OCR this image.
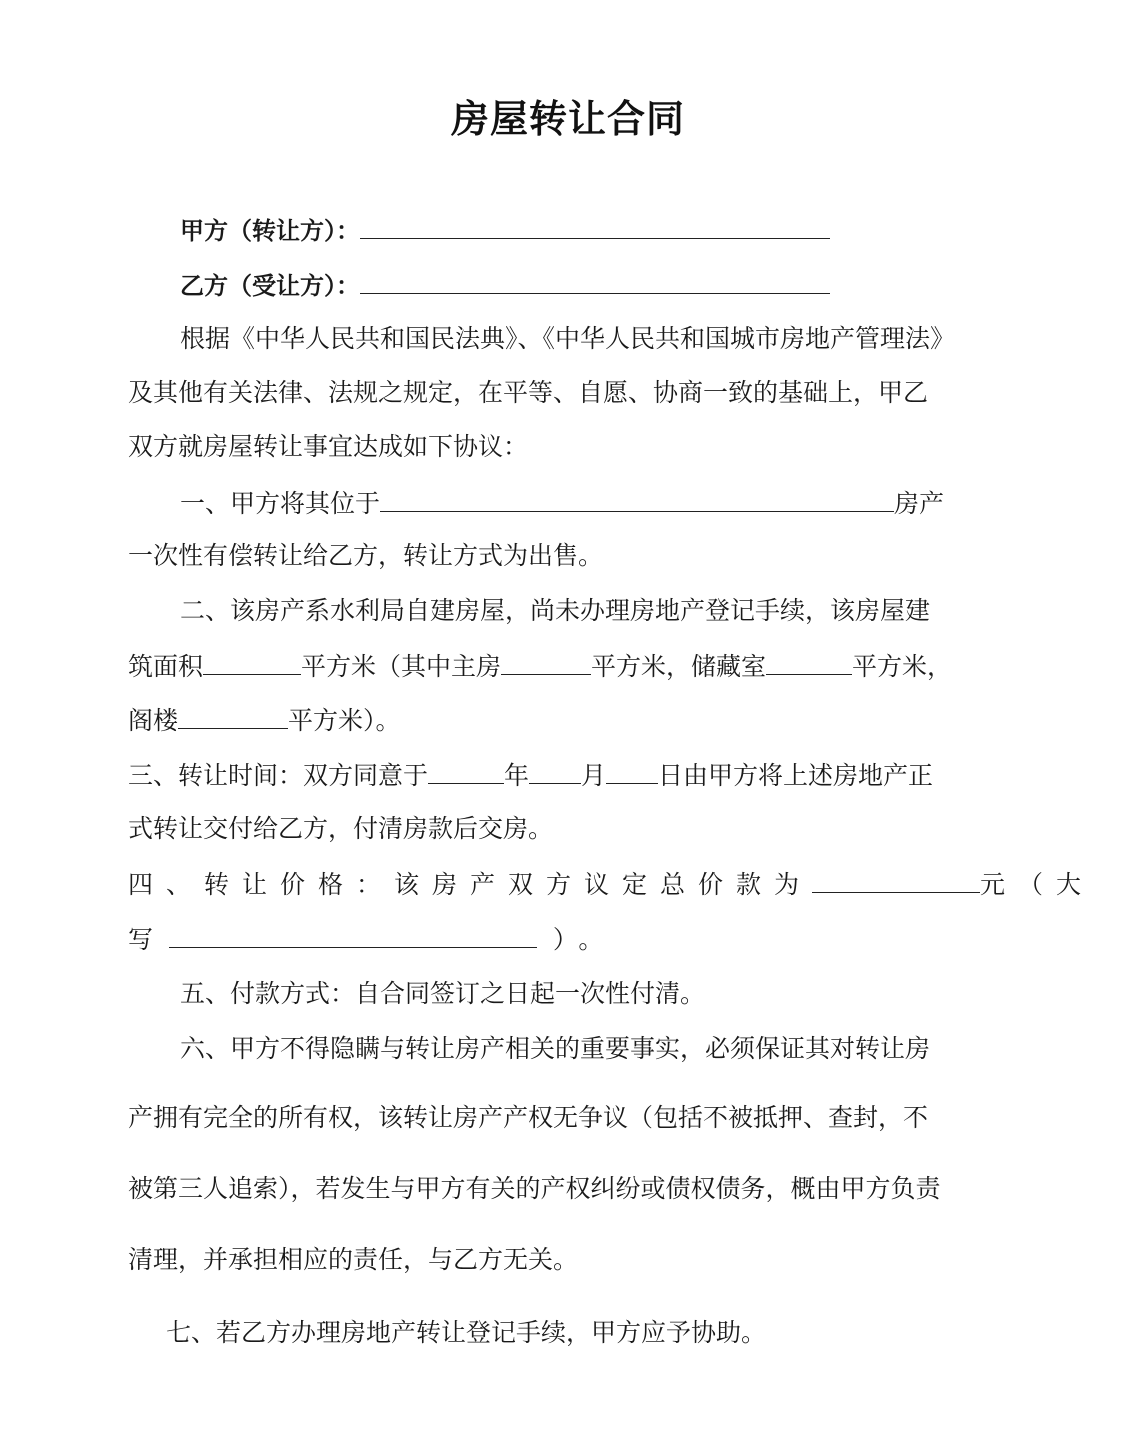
房屋转让合同
甲方（转让方）：
乙方（受让方）：
根据《中华人民共和国民法典》、《中华人民共和国城市房地产管理法》
及其他有关法律、法规之规定，在平等、自愿、协商一致的基础上，甲乙
双方就房屋转让事宜达成如下协议：
一、甲方将其位于	房产
一次性有偿转让给乙方，转让方式为出售。
二、该房产系水利局自建房屋，尚未办理房地产登记手续，该房屋建
筑面积	平方米（其中主房	平方米，储藏室	平方米，
阁楼	平方米）。
三、转让时间：双方同意于	年 月 日由甲方将上述房地产正
式转让交付给乙方，付清房款后交房。
四、转让价格：该房产双方议定总价款为	元（大
写	）。
五、付款方式：自合同签订之日起一次性付清。
六、甲方不得隐瞒与转让房产相关的重要事实，必须保证其对转让房
产拥有完全的所有权，该转让房产产权无争议（包括不被抵押、查封，不
被第三人追索），若发生与甲方有关的产权纠纷或债权债务，概由甲方负责
清理，并承担相应的责任，与乙方无关。
七、若乙方办理房地产转让登记手续，甲方应予协助。
